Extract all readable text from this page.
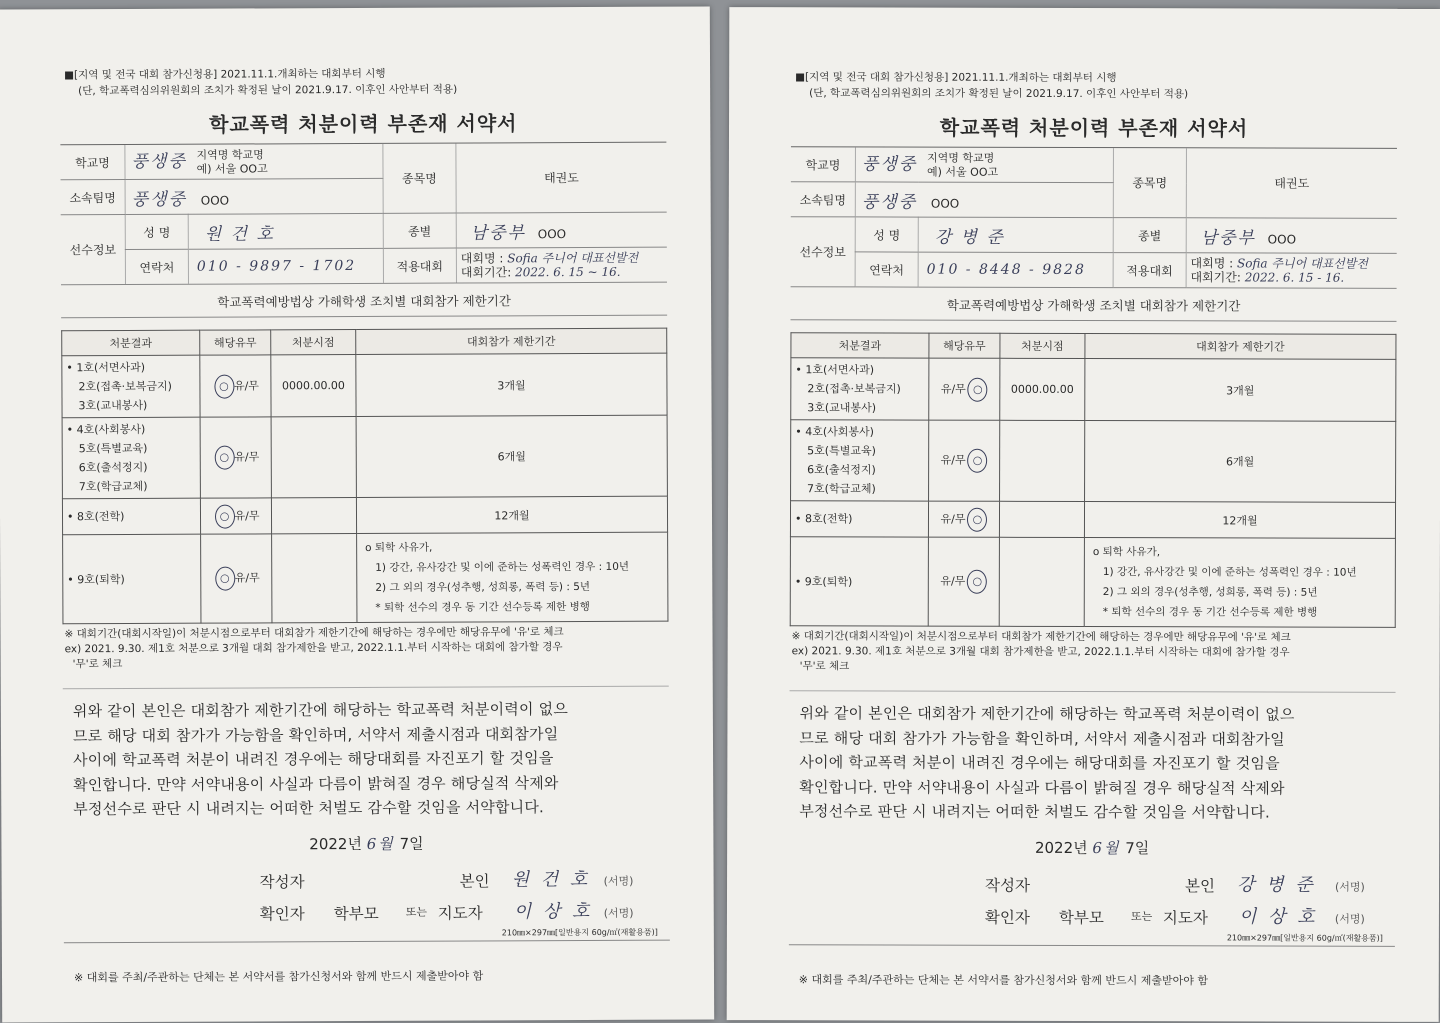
■[지역 및 전국 대회 참가신청용] 2021.11.1.개최하는 대회부터 시행
(단, 학교폭력심의위원회의 조치가 확정된 날이 2021.9.17. 이후인 사안부터 적용)
학교폭력 처분이력 부존재 서약서
학교명	풍생중 지역명 학교명
예) 서울 OO고		종목명	태권도
소속팀명	풍생중 OOO			
선수정보	성 명	원 건 호	종별	남중부 OOO
	연락처	010 - 9897 - 1702	적용대회	대회명 : Sofia 주니어 대표선발전
대회기간: 2022. 6. 15 ~ 16.
학교폭력예방법상 가해학생 조치별 대회참가 제한기간
처분결과	해당유무	처분시점	대회참가 제한기간

• 1호(서면사과)
2호(접촉·보복금지)
3호(교내봉사)	○ 유/무	0000.00.00	3개월

• 4호(사회봉사)
5호(특별교육)
6호(출석정지)
7호(학급교체)	○ 유/무		6개월

• 8호(전학)	○ 유/무		12개월

• 9호(퇴학)	○ 유/무		o 퇴학 사유가,
1) 강간, 유사강간 및 이에 준하는 성폭력인 경우 : 10년
2) 그 외의 경우(성추행, 성희롱, 폭력 등) : 5년
* 퇴학 선수의 경우 동 기간 선수등록 제한 병행
※ 대회기간(대회시작일)이 처분시점으로부터 대회참가 제한기간에 해당하는 경우에만 해당유무에 '유'로 체크
ex) 2021. 9.30. 제1호 처분으로 3개월 대회 참가제한을 받고, 2022.1.1.부터 시작하는 대회에 참가할 경우
'무'로 체크
위와 같이 본인은 대회참가 제한기간에 해당하는 학교폭력 처분이력이 없으
므로 해당 대회 참가가 가능함을 확인하며, 서약서 제출시점과 대회참가일
사이에 학교폭력 처분이 내려진 경우에는 해당대회를 자진포기 할 것임을
확인합니다. 만약 서약내용이 사실과 다름이 밝혀질 경우 해당실적 삭제와
부정선수로 판단 시 내려지는 어떠한 처벌도 감수할 것임을 서약합니다.
2022년 6월 7일
작성자	본인 원 건 호 (서명)
확인자 학부모 또는 지도자 이 상 호 (서명)
210㎜×297㎜[일반용지 60g/㎡(재활용품)]
※ 대회를 주최/주관하는 단체는 본 서약서를 참가신청서와 함께 반드시 제출받아야 함
■[지역 및 전국 대회 참가신청용] 2021.11.1.개최하는 대회부터 시행
(단, 학교폭력심의위원회의 조치가 확정된 날이 2021.9.17. 이후인 사안부터 적용)
학교폭력 처분이력 부존재 서약서
학교명	풍생중 지역명 학교명
예) 서울 OO고		종목명	태권도
소속팀명	풍생중 OOO			
선수정보	성 명	강 병 준	종별	남중부 OOO
	연락처	010 - 8448 - 9828	적용대회	대회명 : Sofia 주니어 대표선발전
대회기간: 2022. 6. 15 - 16.
학교폭력예방법상 가해학생 조치별 대회참가 제한기간
처분결과	해당유무	처분시점	대회참가 제한기간

• 1호(서면사과)
2호(접촉·보복금지)
3호(교내봉사)	유/무 ○	0000.00.00	3개월

• 4호(사회봉사)
5호(특별교육)
6호(출석정지)
7호(학급교체)	유/무 ○		6개월

• 8호(전학)	유/무 ○		12개월

• 9호(퇴학)	유/무 ○		o 퇴학 사유가,
1) 강간, 유사강간 및 이에 준하는 성폭력인 경우 : 10년
2) 그 외의 경우(성추행, 성희롱, 폭력 등) : 5년
* 퇴학 선수의 경우 동 기간 선수등록 제한 병행
※ 대회기간(대회시작일)이 처분시점으로부터 대회참가 제한기간에 해당하는 경우에만 해당유무에 '유'로 체크
ex) 2021. 9.30. 제1호 처분으로 3개월 대회 참가제한을 받고, 2022.1.1.부터 시작하는 대회에 참가할 경우
'무'로 체크
위와 같이 본인은 대회참가 제한기간에 해당하는 학교폭력 처분이력이 없으
므로 해당 대회 참가가 가능함을 확인하며, 서약서 제출시점과 대회참가일
사이에 학교폭력 처분이 내려진 경우에는 해당대회를 자진포기 할 것임을
확인합니다. 만약 서약내용이 사실과 다름이 밝혀질 경우 해당실적 삭제와
부정선수로 판단 시 내려지는 어떠한 처벌도 감수할 것임을 서약합니다.
2022년 6월 7일
작성자	본인 강 병 준 (서명)
확인자 학부모 또는 지도자 이 상 호 (서명)
210㎜×297㎜[일반용지 60g/㎡(재활용품)]
※ 대회를 주최/주관하는 단체는 본 서약서를 참가신청서와 함께 반드시 제출받아야 함
